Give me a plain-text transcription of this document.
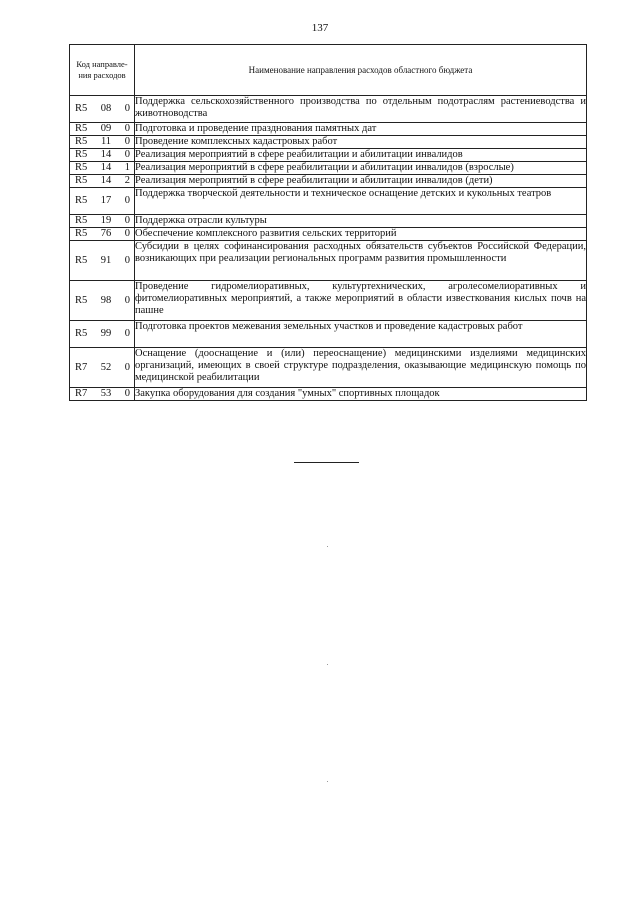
137
Код направле-ния расходов	Наименование направления расходов областного бюджета

R5 08 0	Поддержка сельскохозяйственного производства по отдельным подотраслям растениеводства и животноводства

R5 09 0	Подготовка и проведение празднования памятных дат

R5 11 0	Проведение комплексных кадастровых работ

R5 14 0	Реализация мероприятий в сфере реабилитации и абилитации инвалидов

R5 14 1	Реализация мероприятий в сфере реабилитации и абилитации инвалидов (взрослые)

R5 14 2	Реализация мероприятий в сфере реабилитации и абилитации инвалидов (дети)

R5 17 0	Поддержка творческой деятельности и техническое оснащение детских и кукольных театров

R5 19 0	Поддержка отрасли культуры

R5 76 0	Обеспечение комплексного развития сельских территорий

R5 91 0	Субсидии в целях софинансирования расходных обязательств субъектов Российской Федерации, возникающих при реализации региональных программ развития промышленности

R5 98 0	Проведение гидромелиоративных, культуртехнических, агролесомелиоративных и фитомелиоративных мероприятий, а также мероприятий в области известкования кислых почв на пашне

R5 99 0	Подготовка проектов межевания земельных участков и проведение кадастровых работ

R7 52 0	Оснащение (дооснащение и (или) переоснащение) медицинскими изделиями медицинских организаций, имеющих в своей структуре подразделения, оказывающие медицинскую помощь по медицинской реабилитации

R7 53 0	Закупка оборудования для создания "умных" спортивных площадок
